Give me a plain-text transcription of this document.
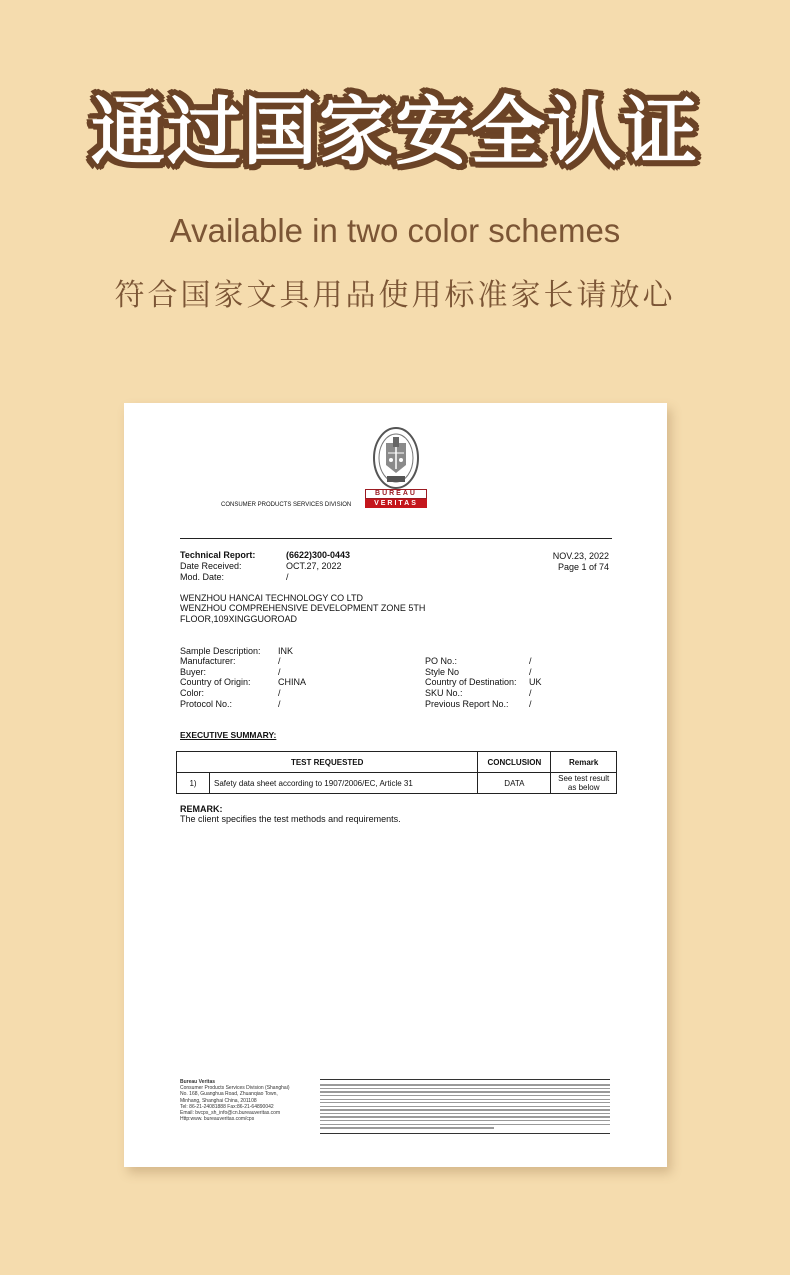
通过国家安全认证
Available in two color schemes
符合国家文具用品使用标准家长请放心
BUREAU
VERITAS
CONSUMER PRODUCTS SERVICES DIVISION
Technical Report:	(6622)300-0443
Date Received:	OCT.27, 2022
Mod. Date:	/
NOV.23, 2022
Page 1 of 74
WENZHOU HANCAI TECHNOLOGY CO LTD
WENZHOU COMPREHENSIVE DEVELOPMENT ZONE 5TH
FLOOR,109XINGGUOROAD
Sample Description: INK
Manufacturer:	/
Buyer:	/
Country of Origin:	CHINA
Color:	/
Protocol No.:	/
PO No.:	/
Style No	/
Country of Destination: UK
SKU No.:	/
Previous Report No.: /
EXECUTIVE SUMMARY:
TEST REQUESTED		CONCLUSION	Remark
1)	Safety data sheet according to 1907/2006/EC, Article 31	DATA	See test result
as below
REMARK:
The client specifies the test methods and requirements.
Bureau Veritas
Consumer Products Services Division (Shanghai)
No. 168, Guanghua Road, Zhuanqiao Town,
Minhang, Shanghai China, 201108
Tel: 86-21-24081888 Fax:86-21-64890042
Email: bvcps_sh_info@cn.bureauveritas.com
Http:www. bureauveritas.com/cps
